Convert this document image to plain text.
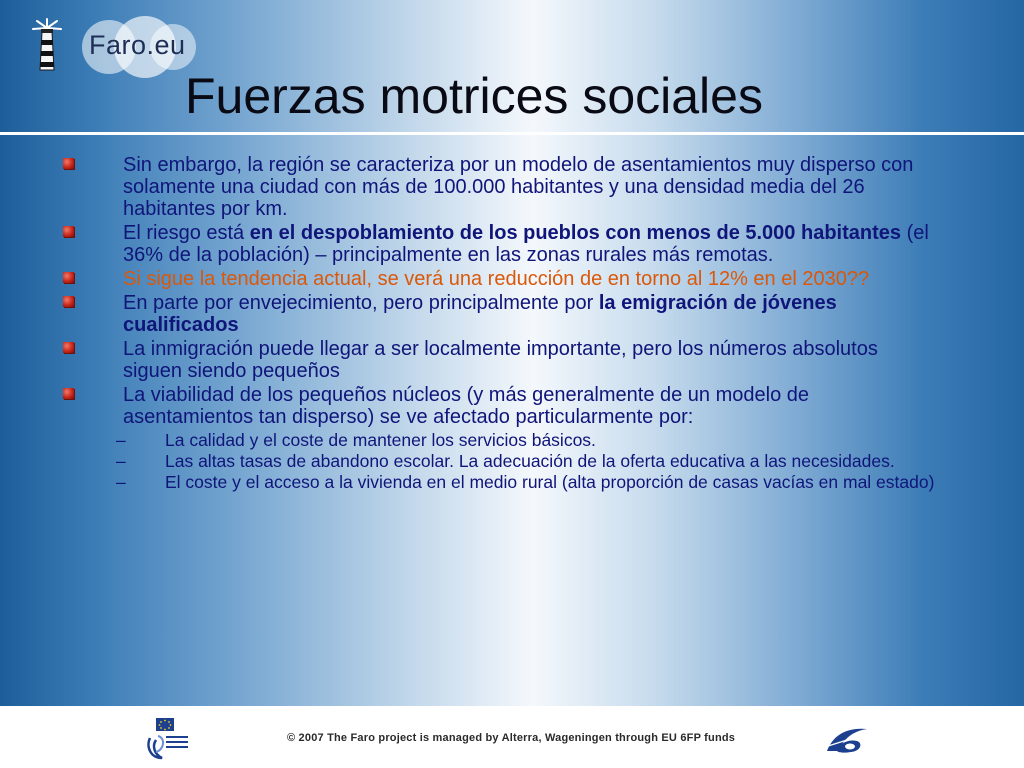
Faro.eu
Fuerzas motrices sociales
Sin embargo, la región se caracteriza por un modelo de asentamientos muy disperso con solamente una ciudad con más de 100.000 habitantes y una densidad media del 26 habitantes por km.
El riesgo está en el despoblamiento de los pueblos con menos de 5.000 habitantes (el 36% de la población) – principalmente en las zonas rurales más remotas.
Si sigue la tendencia actual, se verá una reducción de en torno al 12% en el 2030??
En parte por envejecimiento, pero principalmente por la emigración de jóvenes cualificados
La inmigración puede llegar a ser localmente importante, pero los números absolutos siguen siendo pequeños
La viabilidad de los pequeños núcleos (y más generalmente de un modelo de asentamientos tan disperso) se ve afectado particularmente por:
– La calidad y el coste de mantener los servicios básicos.
– Las altas tasas de abandono escolar. La adecuación de la oferta educativa a las necesidades.
– El coste y el acceso a la vivienda en el medio rural (alta proporción de casas vacías en mal estado)
© 2007 The Faro project is managed by Alterra, Wageningen through EU 6FP funds
